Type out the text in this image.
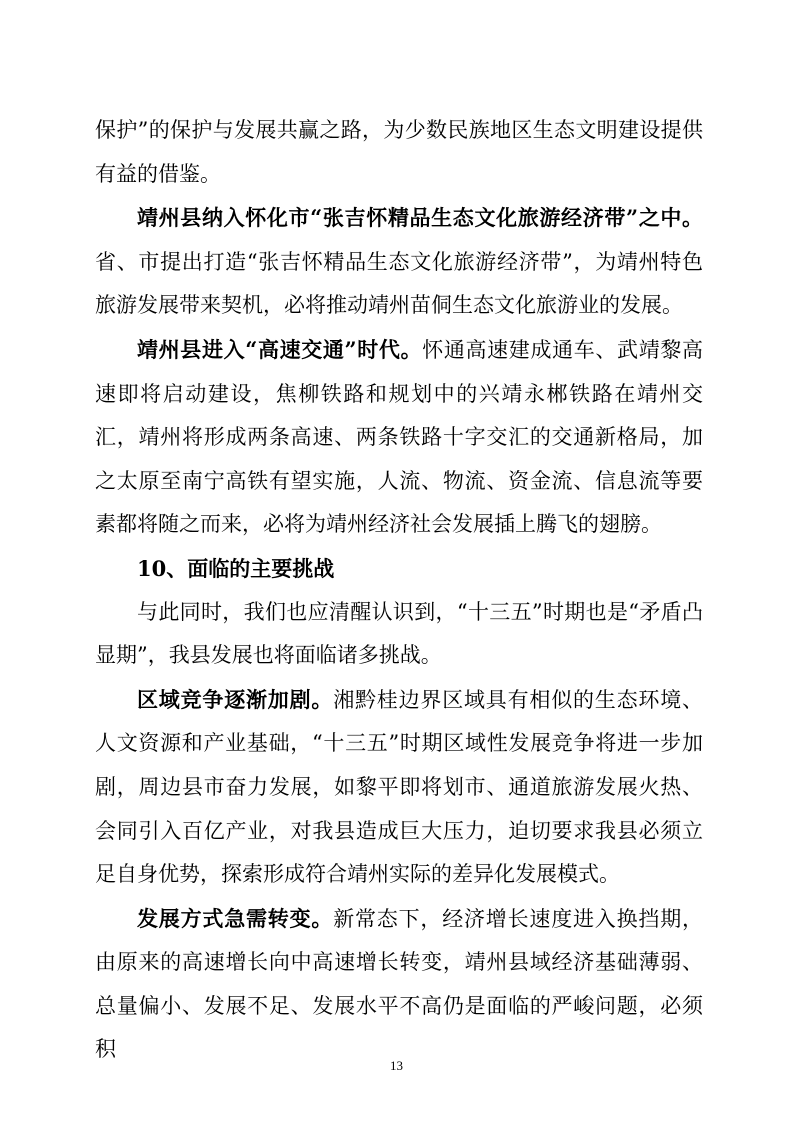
保护”的保护与发展共赢之路，为少数民族地区生态文明建设提供有益的借鉴。

靖州县纳入怀化市“张吉怀精品生态文化旅游经济带”之中。省、市提出打造“张吉怀精品生态文化旅游经济带”，为靖州特色旅游发展带来契机，必将推动靖州苗侗生态文化旅游业的发展。

靖州县进入“高速交通”时代。怀通高速建成通车、武靖黎高速即将启动建设，焦柳铁路和规划中的兴靖永郴铁路在靖州交汇，靖州将形成两条高速、两条铁路十字交汇的交通新格局，加之太原至南宁高铁有望实施，人流、物流、资金流、信息流等要素都将随之而来，必将为靖州经济社会发展插上腾飞的翅膀。

10、面临的主要挑战

与此同时，我们也应清醒认识到，“十三五”时期也是“矛盾凸显期”，我县发展也将面临诸多挑战。

区域竞争逐渐加剧。湘黔桂边界区域具有相似的生态环境、人文资源和产业基础，“十三五”时期区域性发展竞争将进一步加剧，周边县市奋力发展，如黎平即将划市、通道旅游发展火热、会同引入百亿产业，对我县造成巨大压力，迫切要求我县必须立足自身优势，探索形成符合靖州实际的差异化发展模式。

发展方式急需转变。新常态下，经济增长速度进入换挡期，由原来的高速增长向中高速增长转变，靖州县域经济基础薄弱、总量偏小、发展不足、发展水平不高仍是面临的严峻问题，必须积

13
